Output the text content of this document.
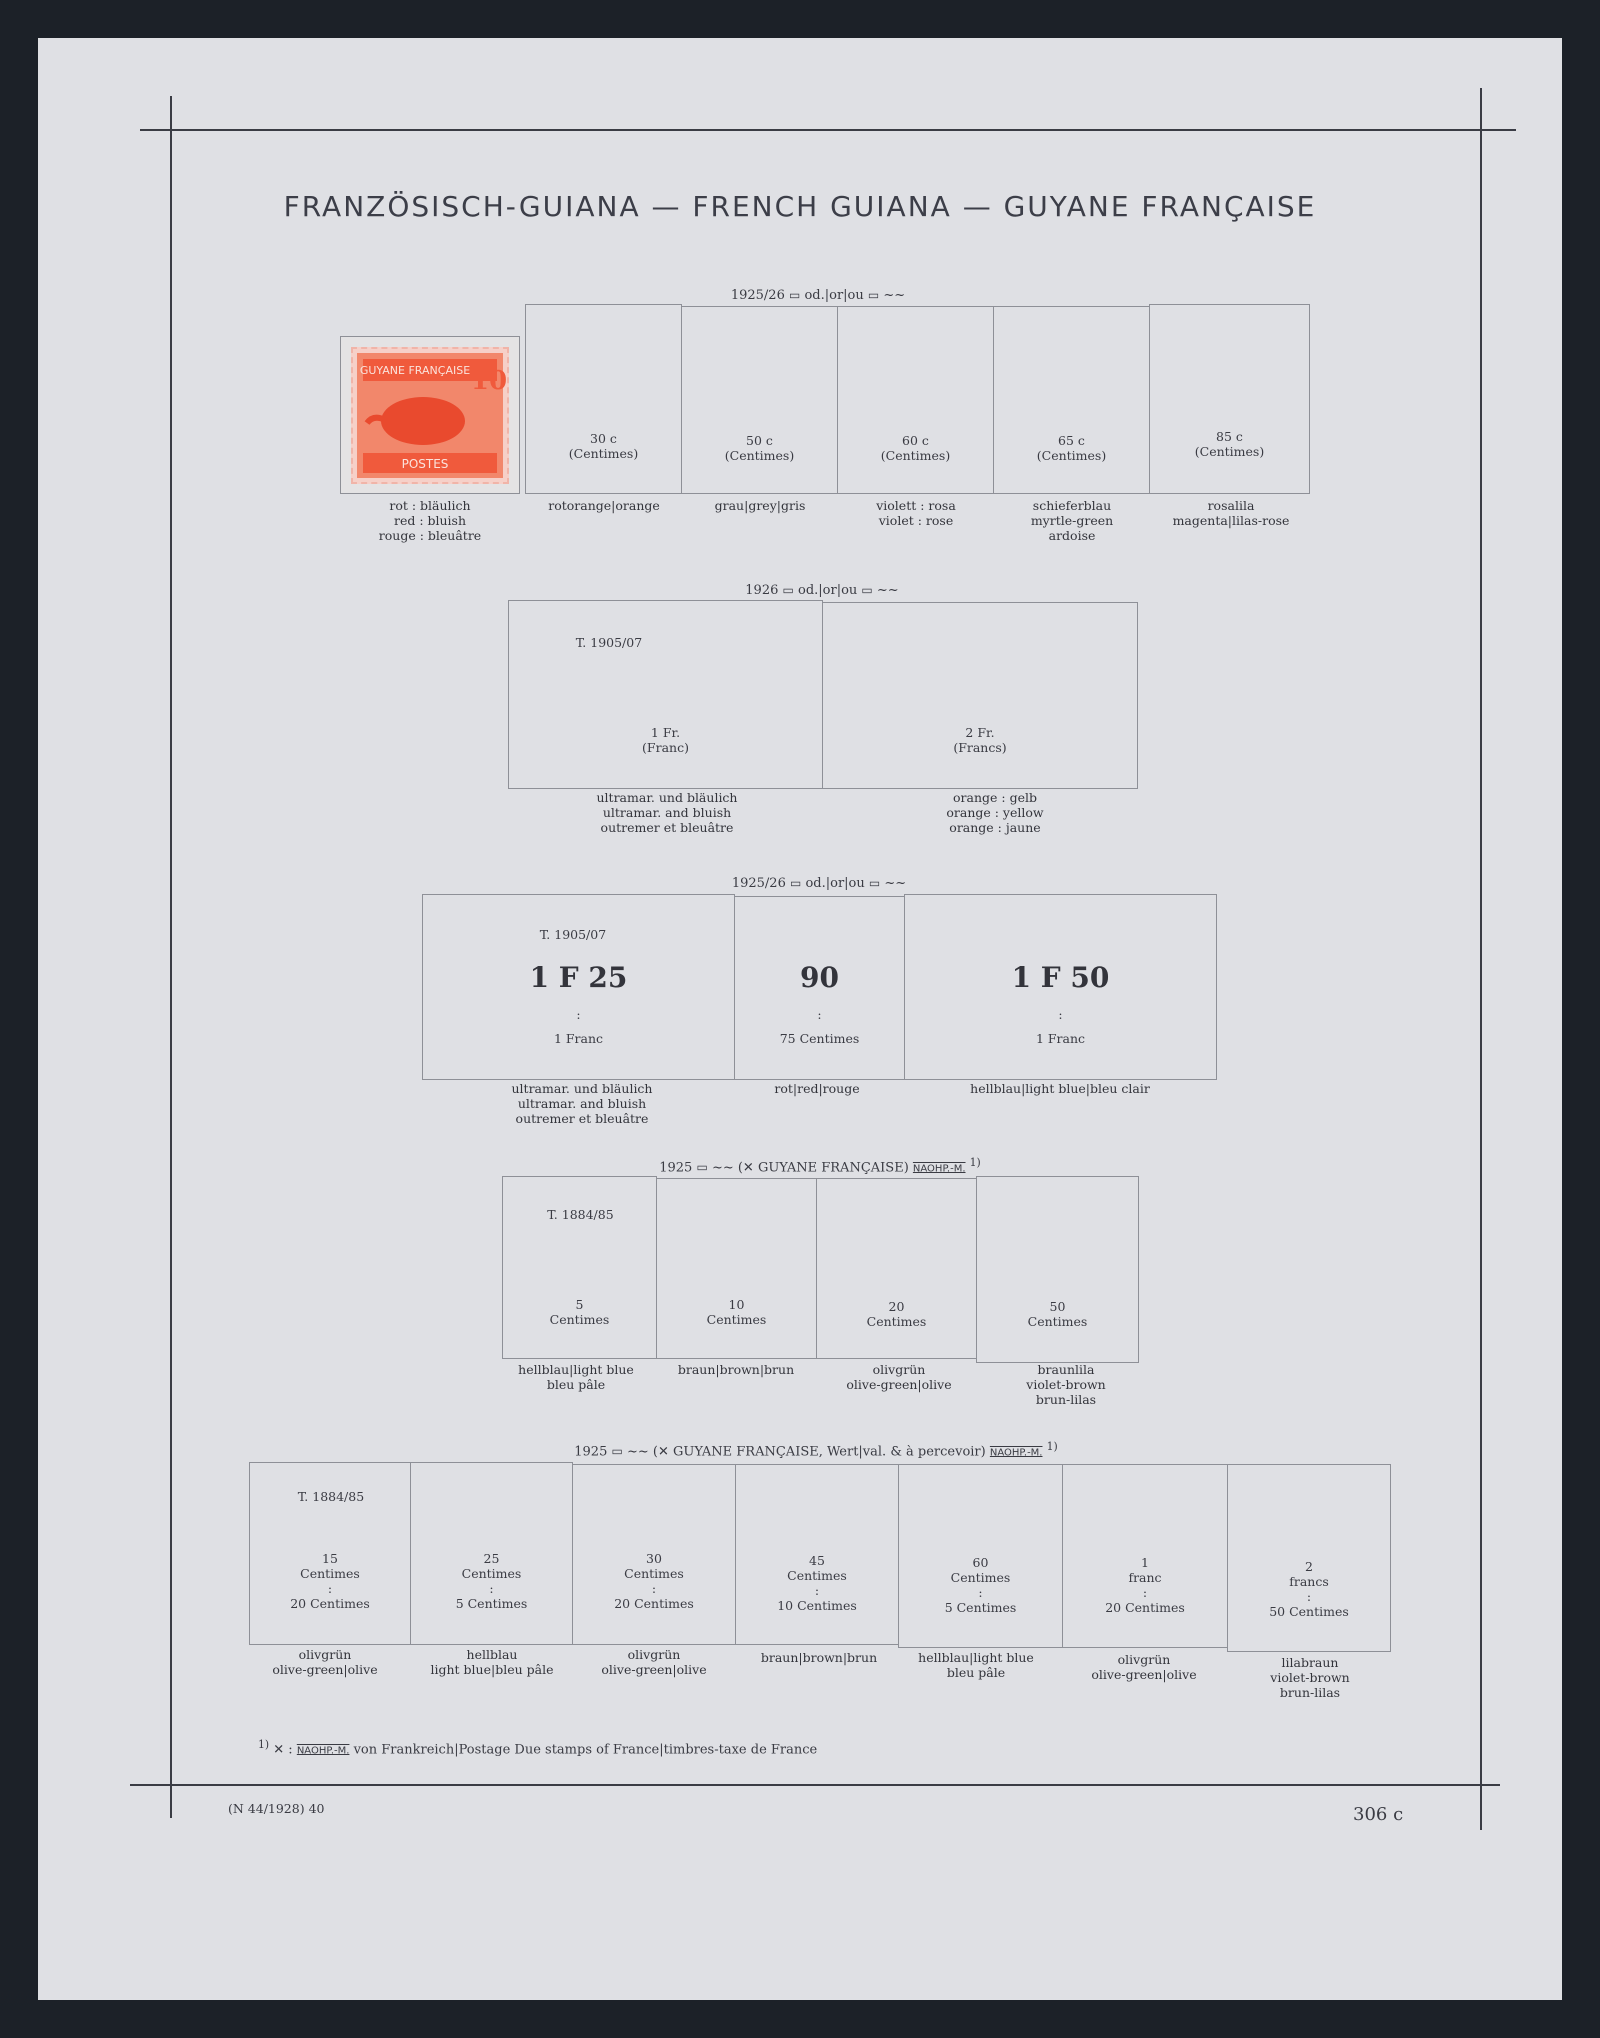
FRANZÖSISCH-GUIANA — FRENCH GUIANA — GUYANE FRANÇAISE
1925/26 ▭ od.|or|ou ▭ ~~
GUYANE FRANÇAISE 10
POSTES
rot : bläulich
red : bluish
rouge : bleuâtre
30 c
(Centimes)
50 c
(Centimes)
60 c
(Centimes)
65 c
(Centimes)
85 c
(Centimes)
rotorange|orange	grau|grey|gris	violett : rosa
violet : rose
schieferblau
myrtle-green
ardoise
rosalila
magenta|lilas-rose
1926 ▭ od.|or|ou ▭ ~~
T. 1905/07
1 Fr.
(Franc)
2 Fr.
(Francs)
ultramar. und bläulich
ultramar. and bluish
outremer et bleuâtre
orange : gelb
orange : yellow
orange : jaune
1925/26 ▭ od.|or|ou ▭ ~~
T. 1905/07
1 F 25
:
1 Franc
90
:
75 Centimes
1 F 50
:
1 Franc
ultramar. und bläulich
ultramar. and bluish
outremer et bleuâtre
rot|red|rouge	hellblau|light blue|bleu clair
1925 ▭ ~~ (✕ GUYANE FRANÇAISE) NAOHP.-M. $^{1)}$
T. 1884/85
5
Centimes
10
Centimes
20
Centimes
50
Centimes
hellblau|light blue
bleu pâle
braun|brown|brun	olivgrün
olive-green|olive
braunlila
violet-brown
brun-lilas
1925 ▭ ~~ (✕ GUYANE FRANÇAISE, Wert|val. & à percevoir) NAOHP.-M. $^{1)}$
T. 1884/85
15
Centimes
:
20 Centimes
25
Centimes
:
5 Centimes
30
Centimes
:
20 Centimes
45
Centimes
:
10 Centimes
60
Centimes
:
5 Centimes
1
franc
:
20 Centimes
2
francs
:
50 Centimes
olivgrün
olive-green|olive
hellblau
light blue|bleu pâle
olivgrün
olive-green|olive
braun|brown|brun	hellblau|light blue
bleu pâle
olivgrün
olive-green|olive
lilabraun
violet-brown
brun-lilas
$^{1)}$ ✕ : NAOHP.-M. von Frankreich|Postage Due stamps of France|timbres-taxe de France
(N 44/1928) 40	306 c
